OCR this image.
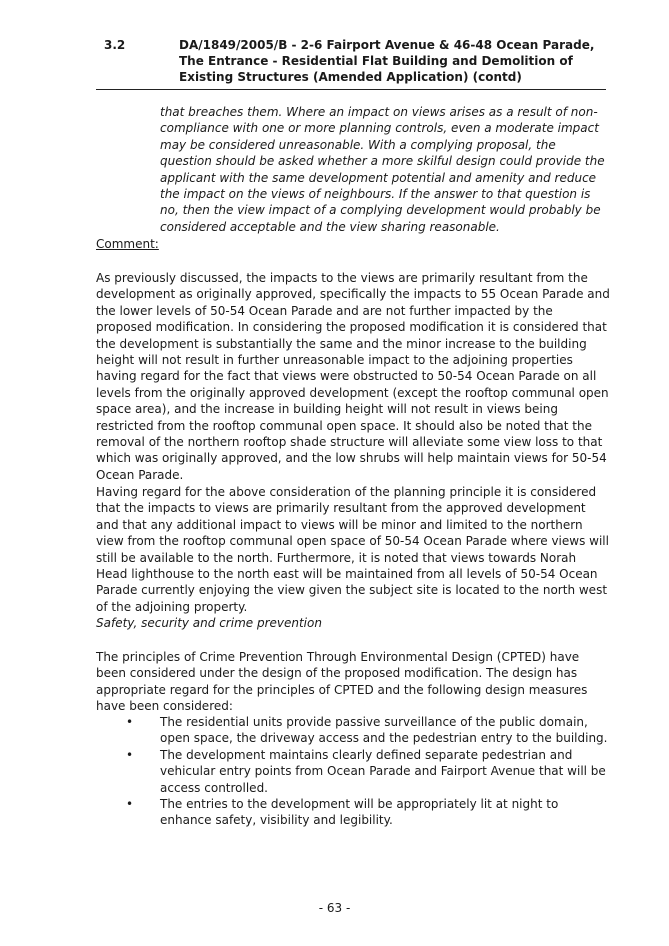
3.2	DA/1849/2005/B - 2-6 Fairport Avenue & 46-48 Ocean Parade, The Entrance - Residential Flat Building and Demolition of Existing Structures (Amended Application) (contd)

that breaches them. Where an impact on views arises as a result of non-compliance with one or more planning controls, even a moderate impact may be considered unreasonable. With a complying proposal, the question should be asked whether a more skilful design could provide the applicant with the same development potential and amenity and reduce the impact on the views of neighbours. If the answer to that question is no, then the view impact of a complying development would probably be considered acceptable and the view sharing reasonable.

Comment:

As previously discussed, the impacts to the views are primarily resultant from the development as originally approved, specifically the impacts to 55 Ocean Parade and the lower levels of 50-54 Ocean Parade and are not further impacted by the proposed modification. In considering the proposed modification it is considered that the development is substantially the same and the minor increase to the building height will not result in further unreasonable impact to the adjoining properties having regard for the fact that views were obstructed to 50-54 Ocean Parade on all levels from the originally approved development (except the rooftop communal open space area), and the increase in building height will not result in views being restricted from the rooftop communal open space. It should also be noted that the removal of the northern rooftop shade structure will alleviate some view loss to that which was originally approved, and the low shrubs will help maintain views for 50-54 Ocean Parade.

Having regard for the above consideration of the planning principle it is considered that the impacts to views are primarily resultant from the approved development and that any additional impact to views will be minor and limited to the northern view from the rooftop communal open space of 50-54 Ocean Parade where views will still be available to the north. Furthermore, it is noted that views towards Norah Head lighthouse to the north east will be maintained from all levels of 50-54 Ocean Parade currently enjoying the view given the subject site is located to the north west of the adjoining property.

Safety, security and crime prevention

The principles of Crime Prevention Through Environmental Design (CPTED) have been considered under the design of the proposed modification. The design has appropriate regard for the principles of CPTED and the following design measures have been considered:

• The residential units provide passive surveillance of the public domain, open space, the driveway access and the pedestrian entry to the building.
• The development maintains clearly defined separate pedestrian and vehicular entry points from Ocean Parade and Fairport Avenue that will be access controlled.
• The entries to the development will be appropriately lit at night to enhance safety, visibility and legibility.
- 63 -
